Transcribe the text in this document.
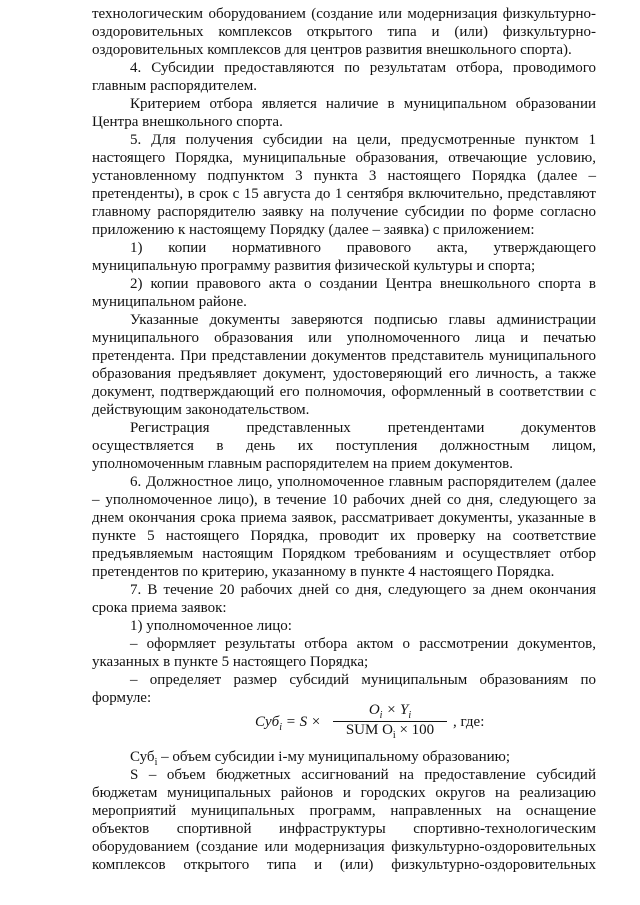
технологическим оборудованием (создание или модернизация физкультурно-
оздоровительных комплексов открытого типа и (или) физкультурно-
оздоровительных комплексов для центров развития внешкольного спорта).
4. Субсидии предоставляются по результатам отбора, проводимого
главным распорядителем.
Критерием отбора является наличие в муниципальном образовании
Центра внешкольного спорта.
5. Для получения субсидии на цели, предусмотренные пунктом 1
настоящего Порядка, муниципальные образования, отвечающие условию,
установленному подпунктом 3 пункта 3 настоящего Порядка (далее –
претенденты), в срок с 15 августа до 1 сентября включительно, представляют
главному распорядителю заявку на получение субсидии по форме согласно
приложению к настоящему Порядку (далее – заявка) с приложением:
1) копии нормативного правового акта, утверждающего
муниципальную программу развития физической культуры и спорта;
2) копии правового акта о создании Центра внешкольного спорта в
муниципальном районе.
Указанные документы заверяются подписью главы администрации
муниципального образования или уполномоченного лица и печатью
претендента. При представлении документов представитель муниципального
образования предъявляет документ, удостоверяющий его личность, а также
документ, подтверждающий его полномочия, оформленный в соответствии с
действующим законодательством.
Регистрация представленных претендентами документов
осуществляется в день их поступления должностным лицом,
уполномоченным главным распорядителем на прием документов.
6. Должностное лицо, уполномоченное главным распорядителем (далее
– уполномоченное лицо), в течение 10 рабочих дней со дня, следующего за
днем окончания срока приема заявок, рассматривает документы, указанные в
пункте 5 настоящего Порядка, проводит их проверку на соответствие
предъявляемым настоящим Порядком требованиям и осуществляет отбор
претендентов по критерию, указанному в пункте 4 настоящего Порядка.
7. В течение 20 рабочих дней со дня, следующего за днем окончания
срока приема заявок:
1) уполномоченное лицо:
– оформляет результаты отбора актом о рассмотрении документов,
указанных в пункте 5 настоящего Порядка;
– определяет размер субсидий муниципальным образованиям по
формуле:
Суб$_i$ = S ×
$O_i \times Y_i$
SUM $O_i \times 100$	, где:
Суб$_i$ – объем субсидии i-му муниципальному образованию;
S – объем бюджетных ассигнований на предоставление субсидий
бюджетам муниципальных районов и городских округов на реализацию
мероприятий муниципальных программ, направленных на оснащение
объектов спортивной инфраструктуры спортивно-технологическим
оборудованием (создание или модернизация физкультурно-оздоровительных
комплексов открытого типа и (или) физкультурно-оздоровительных
